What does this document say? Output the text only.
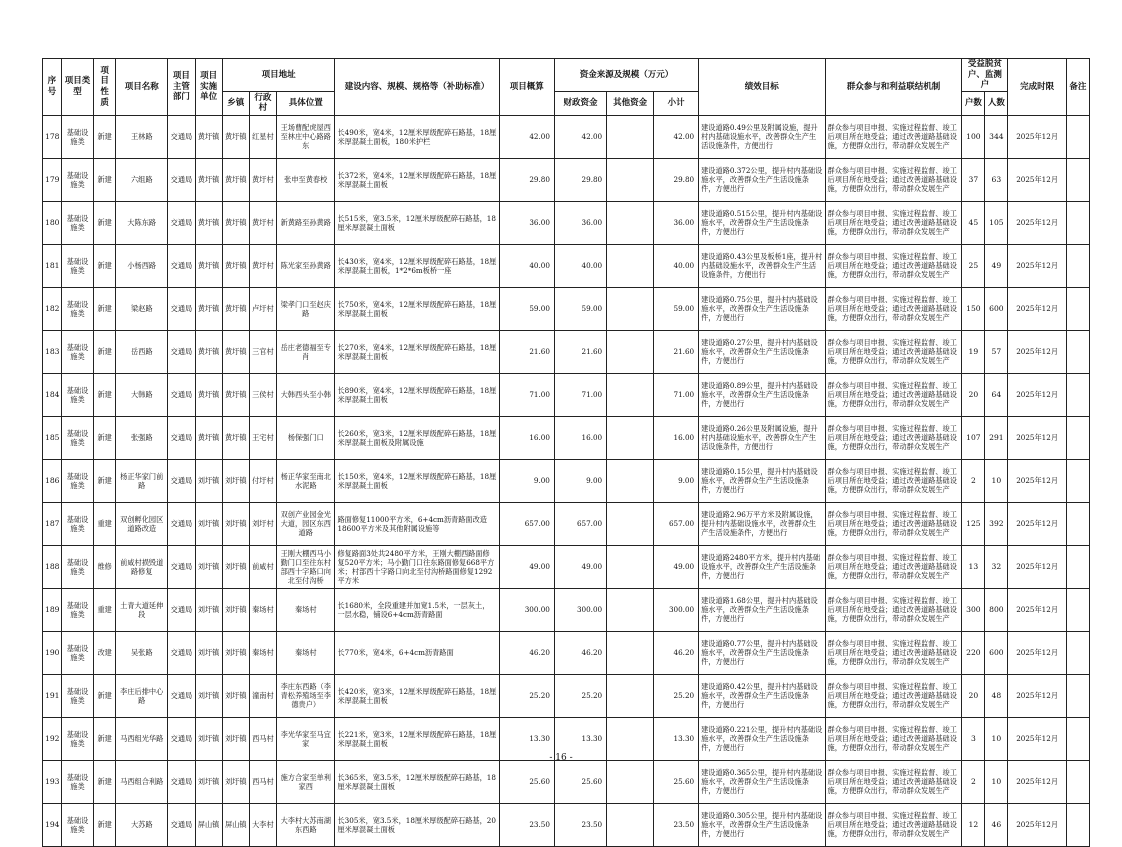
序号	项目类型	项目性质	项目名称	项目主管部门	项目实施单位	项目地址			建设内容、规模、规格等（补助标准）	项目概算	资金来源及规模（万元）			绩效目标	群众参与和利益联结机制	受益脱贫户、监测户		完成时限	备注
						乡镇	行政村	具体位置			财政资金	其他资金	小计			户数	人数		
178	基础设施类	新建	王林路	交通局	黄圩镇	黄圩镇	红星村	王场曹配虎屋西至林庄中心路路东	长490米，宽4米，12厘米厚级配碎石路基，18厘米厚混凝土面板，180米护栏	42.00	42.00		42.00	建设道路0.49公里及附属设施，提升村内基础设施水平，改善群众生产生活设施条件，方便出行	群众参与项目申报、实施过程监督、竣工后项目所在地受益；通过改善道路基础设施，方便群众出行，带动群众发展生产	100	344	2025年12月	
179	基础设施类	新建	六组路	交通局	黄圩镇	黄圩镇	黄圩村	张申至黄春校	长372米，宽4米，12厘米厚级配碎石路基，18厘米厚混凝土面板	29.80	29.80		29.80	建设道路0.372公里，提升村内基础设施水平，改善群众生产生活设施条件，方便出行	群众参与项目申报、实施过程监督、竣工后项目所在地受益；通过改善道路基础设施，方便群众出行，带动群众发展生产	37	63	2025年12月	
180	基础设施类	新建	大陈东路	交通局	黄圩镇	黄圩镇	黄圩村	新黄路至孙黄路	长515米，宽3.5米，12厘米厚级配碎石路基，18厘米厚混凝土面板	36.00	36.00		36.00	建设道路0.515公里，提升村内基础设施水平，改善群众生产生活设施条件，方便出行	群众参与项目申报、实施过程监督、竣工后项目所在地受益；通过改善道路基础设施，方便群众出行，带动群众发展生产	45	105	2025年12月	
181	基础设施类	新建	小杨西路	交通局	黄圩镇	黄圩镇	黄圩村	陈光家至孙黄路	长430米，宽4米，12厘米厚级配碎石路基，18厘米厚混凝土面板，1*2*6m板桥一座	40.00	40.00		40.00	建设道路0.43公里及板桥1座，提升村内基础设施水平，改善群众生产生活设施条件，方便出行	群众参与项目申报、实施过程监督、竣工后项目所在地受益；通过改善道路基础设施，方便群众出行，带动群众发展生产	25	49	2025年12月	
182	基础设施类	新建	梁赵路	交通局	黄圩镇	黄圩镇	卢圩村	梁孝门口至赵庆路	长750米，宽4米，12厘米厚级配碎石路基，18厘米厚混凝土面板	59.00	59.00		59.00	建设道路0.75公里，提升村内基础设施水平，改善群众生产生活设施条件，方便出行	群众参与项目申报、实施过程监督、竣工后项目所在地受益；通过改善道路基础设施，方便群众出行，带动群众发展生产	150	600	2025年12月	
183	基础设施类	新建	岳西路	交通局	黄圩镇	黄圩镇	三官村	岳庄老德福至专肖	长270米，宽4米，12厘米厚级配碎石路基，18厘米厚混凝土面板	21.60	21.60		21.60	建设道路0.27公里，提升村内基础设施水平，改善群众生产生活设施条件，方便出行	群众参与项目申报、实施过程监督、竣工后项目所在地受益；通过改善道路基础设施，方便群众出行，带动群众发展生产	19	57	2025年12月	
184	基础设施类	新建	大韩路	交通局	黄圩镇	黄圩镇	三侯村	大韩西头至小韩	长890米，宽4米，12厘米厚级配碎石路基，18厘米厚混凝土面板	71.00	71.00		71.00	建设道路0.89公里，提升村内基础设施水平，改善群众生产生活设施条件，方便出行	群众参与项目申报、实施过程监督、竣工后项目所在地受益；通过改善道路基础设施，方便群众出行，带动群众发展生产	20	64	2025年12月	
185	基础设施类	新建	张强路	交通局	黄圩镇	黄圩镇	王宅村	杨保强门口	长260米，宽3米，12厘米厚级配碎石路基，18厘米厚混凝土面板及附属设施	16.00	16.00		16.00	建设道路0.26公里及附属设施，提升村内基础设施水平，改善群众生产生活设施条件，方便出行	群众参与项目申报、实施过程监督、竣工后项目所在地受益；通过改善道路基础设施，方便群众出行，带动群众发展生产	107	291	2025年12月	
186	基础设施类	新建	杨正华家门前路	交通局	刘圩镇	刘圩镇	付圩村	杨正华家至南北水泥路	长150米，宽4米，12厘米厚级配碎石路基，18厘米厚混凝土面板	9.00	9.00		9.00	建设道路0.15公里，提升村内基础设施水平，改善群众生产生活设施条件，方便出行	群众参与项目申报、实施过程监督、竣工后项目所在地受益；通过改善道路基础设施，方便群众出行，带动群众发展生产	2	10	2025年12月	
187	基础设施类	重建	双创孵化园区道路改造	交通局	刘圩镇	刘圩镇	刘圩村	双创产业园金光大道，园区东西道路	路面修复11000平方米，6+4cm沥青路面改造18600平方米及其他附属设施等	657.00	657.00		657.00	建设道路2.96万平方米及附属设施，提升村内基础设施水平，改善群众生产生活设施条件，方便出行	群众参与项目申报、实施过程监督、竣工后项目所在地受益；通过改善道路基础设施，方便群众出行，带动群众发展生产	125	392	2025年12月	
188	基础设施类	维修	前咸村损毁道路修复	交通局	刘圩镇	刘圩镇	前咸村	王刚大棚西马小勤门口至往东村部西十字路口向北至付沟桥	修复路面3处共2480平方米，王刚大棚西路面修复520平方米；马小勤门口往东路面修复668平方米；村部西十字路口向北至付沟桥路面修复1292平方米	49.00	49.00		49.00	建设道路2480平方米，提升村内基础设施水平，改善群众生产生活设施条件，方便出行	群众参与项目申报、实施过程监督、竣工后项目所在地受益；通过改善道路基础设施，方便群众出行，带动群众发展生产	13	32	2025年12月	
189	基础设施类	重建	土青大道延伸段	交通局	刘圩镇	刘圩镇	秦场村	秦场村	长1680米，全段重建并加宽1.5米，一层灰土，一层水稳，铺设6+4cm沥青路面	300.00	300.00		300.00	建设道路1.68公里，提升村内基础设施水平，改善群众生产生活设施条件，方便出行	群众参与项目申报、实施过程监督、竣工后项目所在地受益；通过改善道路基础设施，方便群众出行，带动群众发展生产	300	800	2025年12月	
190	基础设施类	改建	吴张路	交通局	刘圩镇	刘圩镇	秦场村	秦场村	长770米，宽4米，6+4cm沥青路面	46.20	46.20		46.20	建设道路0.77公里，提升村内基础设施水平，改善群众生产生活设施条件，方便出行	群众参与项目申报、实施过程监督、竣工后项目所在地受益；通过改善道路基础设施，方便群众出行，带动群众发展生产	220	600	2025年12月	
191	基础设施类	新建	李庄后排中心路	交通局	刘圩镇	刘圩镇	潼南村	李庄东西路（李青松养殖场至李德贵户）	长420米，宽3米，12厘米厚级配碎石路基，18厘米厚混凝土面板	25.20	25.20		25.20	建设道路0.42公里，提升村内基础设施水平，改善群众生产生活设施条件，方便出行	群众参与项目申报、实施过程监督、竣工后项目所在地受益；通过改善道路基础设施，方便群众出行，带动群众发展生产	20	48	2025年12月	
192	基础设施类	新建	马西组光华路	交通局	刘圩镇	刘圩镇	西马村	李光华家至马宜家	长221米，宽3米，12厘米厚级配碎石路基，18厘米厚混凝土面板	13.30	13.30		13.30	建设道路0.221公里，提升村内基础设施水平，改善群众生产生活设施条件，方便出行	群众参与项目申报、实施过程监督、竣工后项目所在地受益；通过改善道路基础设施，方便群众出行，带动群众发展生产	3	10	2025年12月	
193	基础设施类	新建	马西组合利路	交通局	刘圩镇	刘圩镇	西马村	施方合家至单利家西	长365米，宽3.5米，12厘米厚级配碎石路基，18厘米厚混凝土面板	25.60	25.60		25.60	建设道路0.365公里，提升村内基础设施水平，改善群众生产生活设施条件，方便出行	群众参与项目申报、实施过程监督、竣工后项目所在地受益；通过改善道路基础设施，方便群众出行，带动群众发展生产	2	10	2025年12月	
194	基础设施类	新建	大苏路	交通局	屏山镇	屏山镇	大李村	大李村大苏南湖东西路	长305米，宽3.5米，18厘米厚级配碎石路基，20厘米厚混凝土面板	23.50	23.50		23.50	建设道路0.305公里，提升村内基础设施水平，改善群众生产生活设施条件，方便出行	群众参与项目申报、实施过程监督、竣工后项目所在地受益；通过改善道路基础设施，方便群众出行，带动群众发展生产	12	46	2025年12月	
- 16 -
